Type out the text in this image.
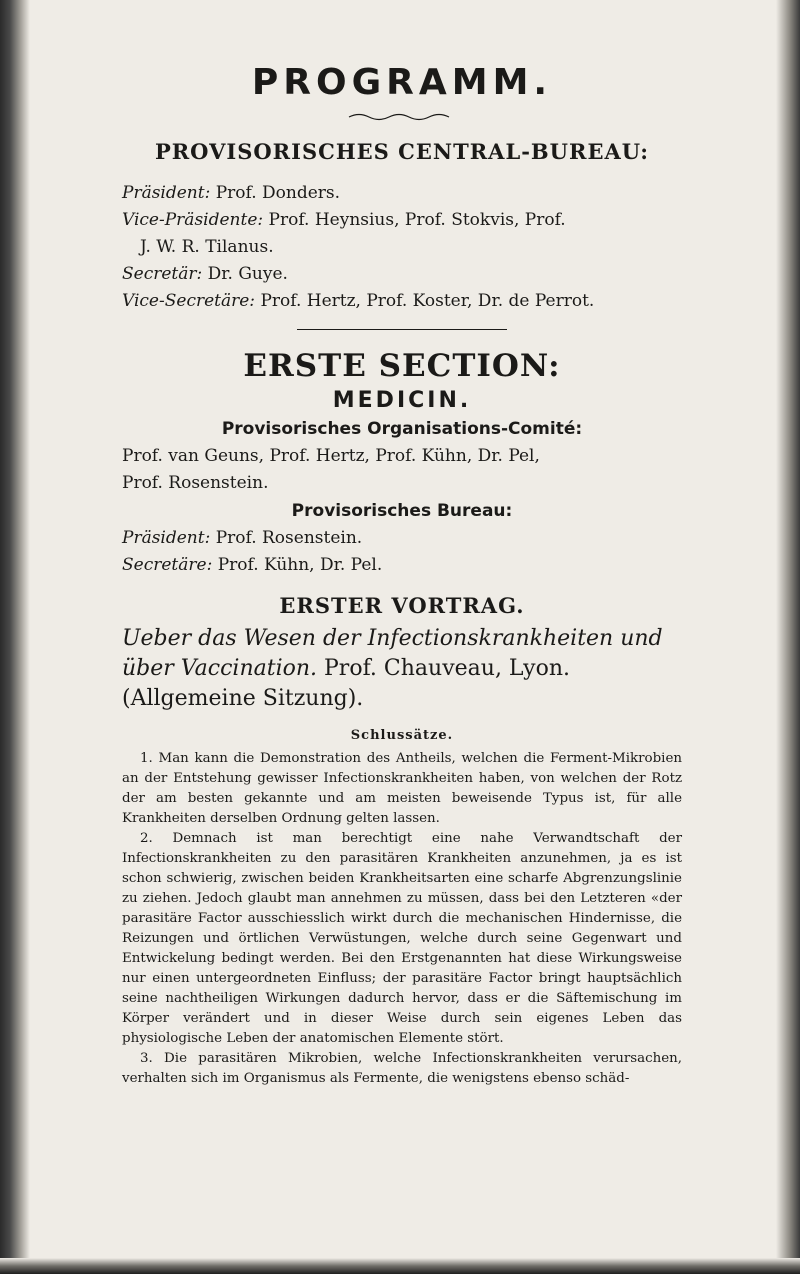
PROGRAMM.
PROVISORISCHES CENTRAL-BUREAU:

Präsident: Prof. Donders.

Vice-Präsidente: Prof. Heynsius, Prof. Stokvis, Prof.

J. W. R. Tilanus.

Secretär: Dr. Guye.

Vice-Secretäre: Prof. Hertz, Prof. Koster, Dr. de Perrot.

ERSTE SECTION:
MEDICIN.
Provisorisches Organisations-Comité:

Prof. van Geuns, Prof. Hertz, Prof. Kühn, Dr. Pel,

Prof. Rosenstein.

Provisorisches Bureau:

Präsident: Prof. Rosenstein.

Secretäre: Prof. Kühn, Dr. Pel.

ERSTER VORTRAG.

Ueber das Wesen der Infectionskrankheiten und

über Vaccination. Prof. Chauveau, Lyon.

(Allgemeine Sitzung).

Schlussätze.

1. Man kann die Demonstration des Antheils, welchen die Ferment-Mikrobien an der Entstehung gewisser Infectionskrankheiten haben, von welchen der Rotz der am besten gekannte und am meisten beweisende Typus ist, für alle Krankheiten derselben Ordnung gelten lassen.

2. Demnach ist man berechtigt eine nahe Verwandtschaft der Infectionskrankheiten zu den parasitären Krankheiten anzunehmen, ja es ist schon schwierig, zwischen beiden Krankheitsarten eine scharfe Abgrenzungslinie zu ziehen. Jedoch glaubt man annehmen zu müssen, dass bei den Letzteren «der parasitäre Factor ausschiesslich wirkt durch die mechanischen Hindernisse, die Reizungen und örtlichen Verwüstungen, welche durch seine Gegenwart und Entwickelung bedingt werden. Bei den Erstgenannten hat diese Wirkungsweise nur einen untergeordneten Einfluss; der parasitäre Factor bringt hauptsächlich seine nachtheiligen Wirkungen dadurch hervor, dass er die Säftemischung im Körper verändert und in dieser Weise durch sein eigenes Leben das physiologische Leben der anatomischen Elemente stört.

3. Die parasitären Mikrobien, welche Infectionskrankheiten verursachen, verhalten sich im Organismus als Fermente, die wenigstens ebenso schäd-
